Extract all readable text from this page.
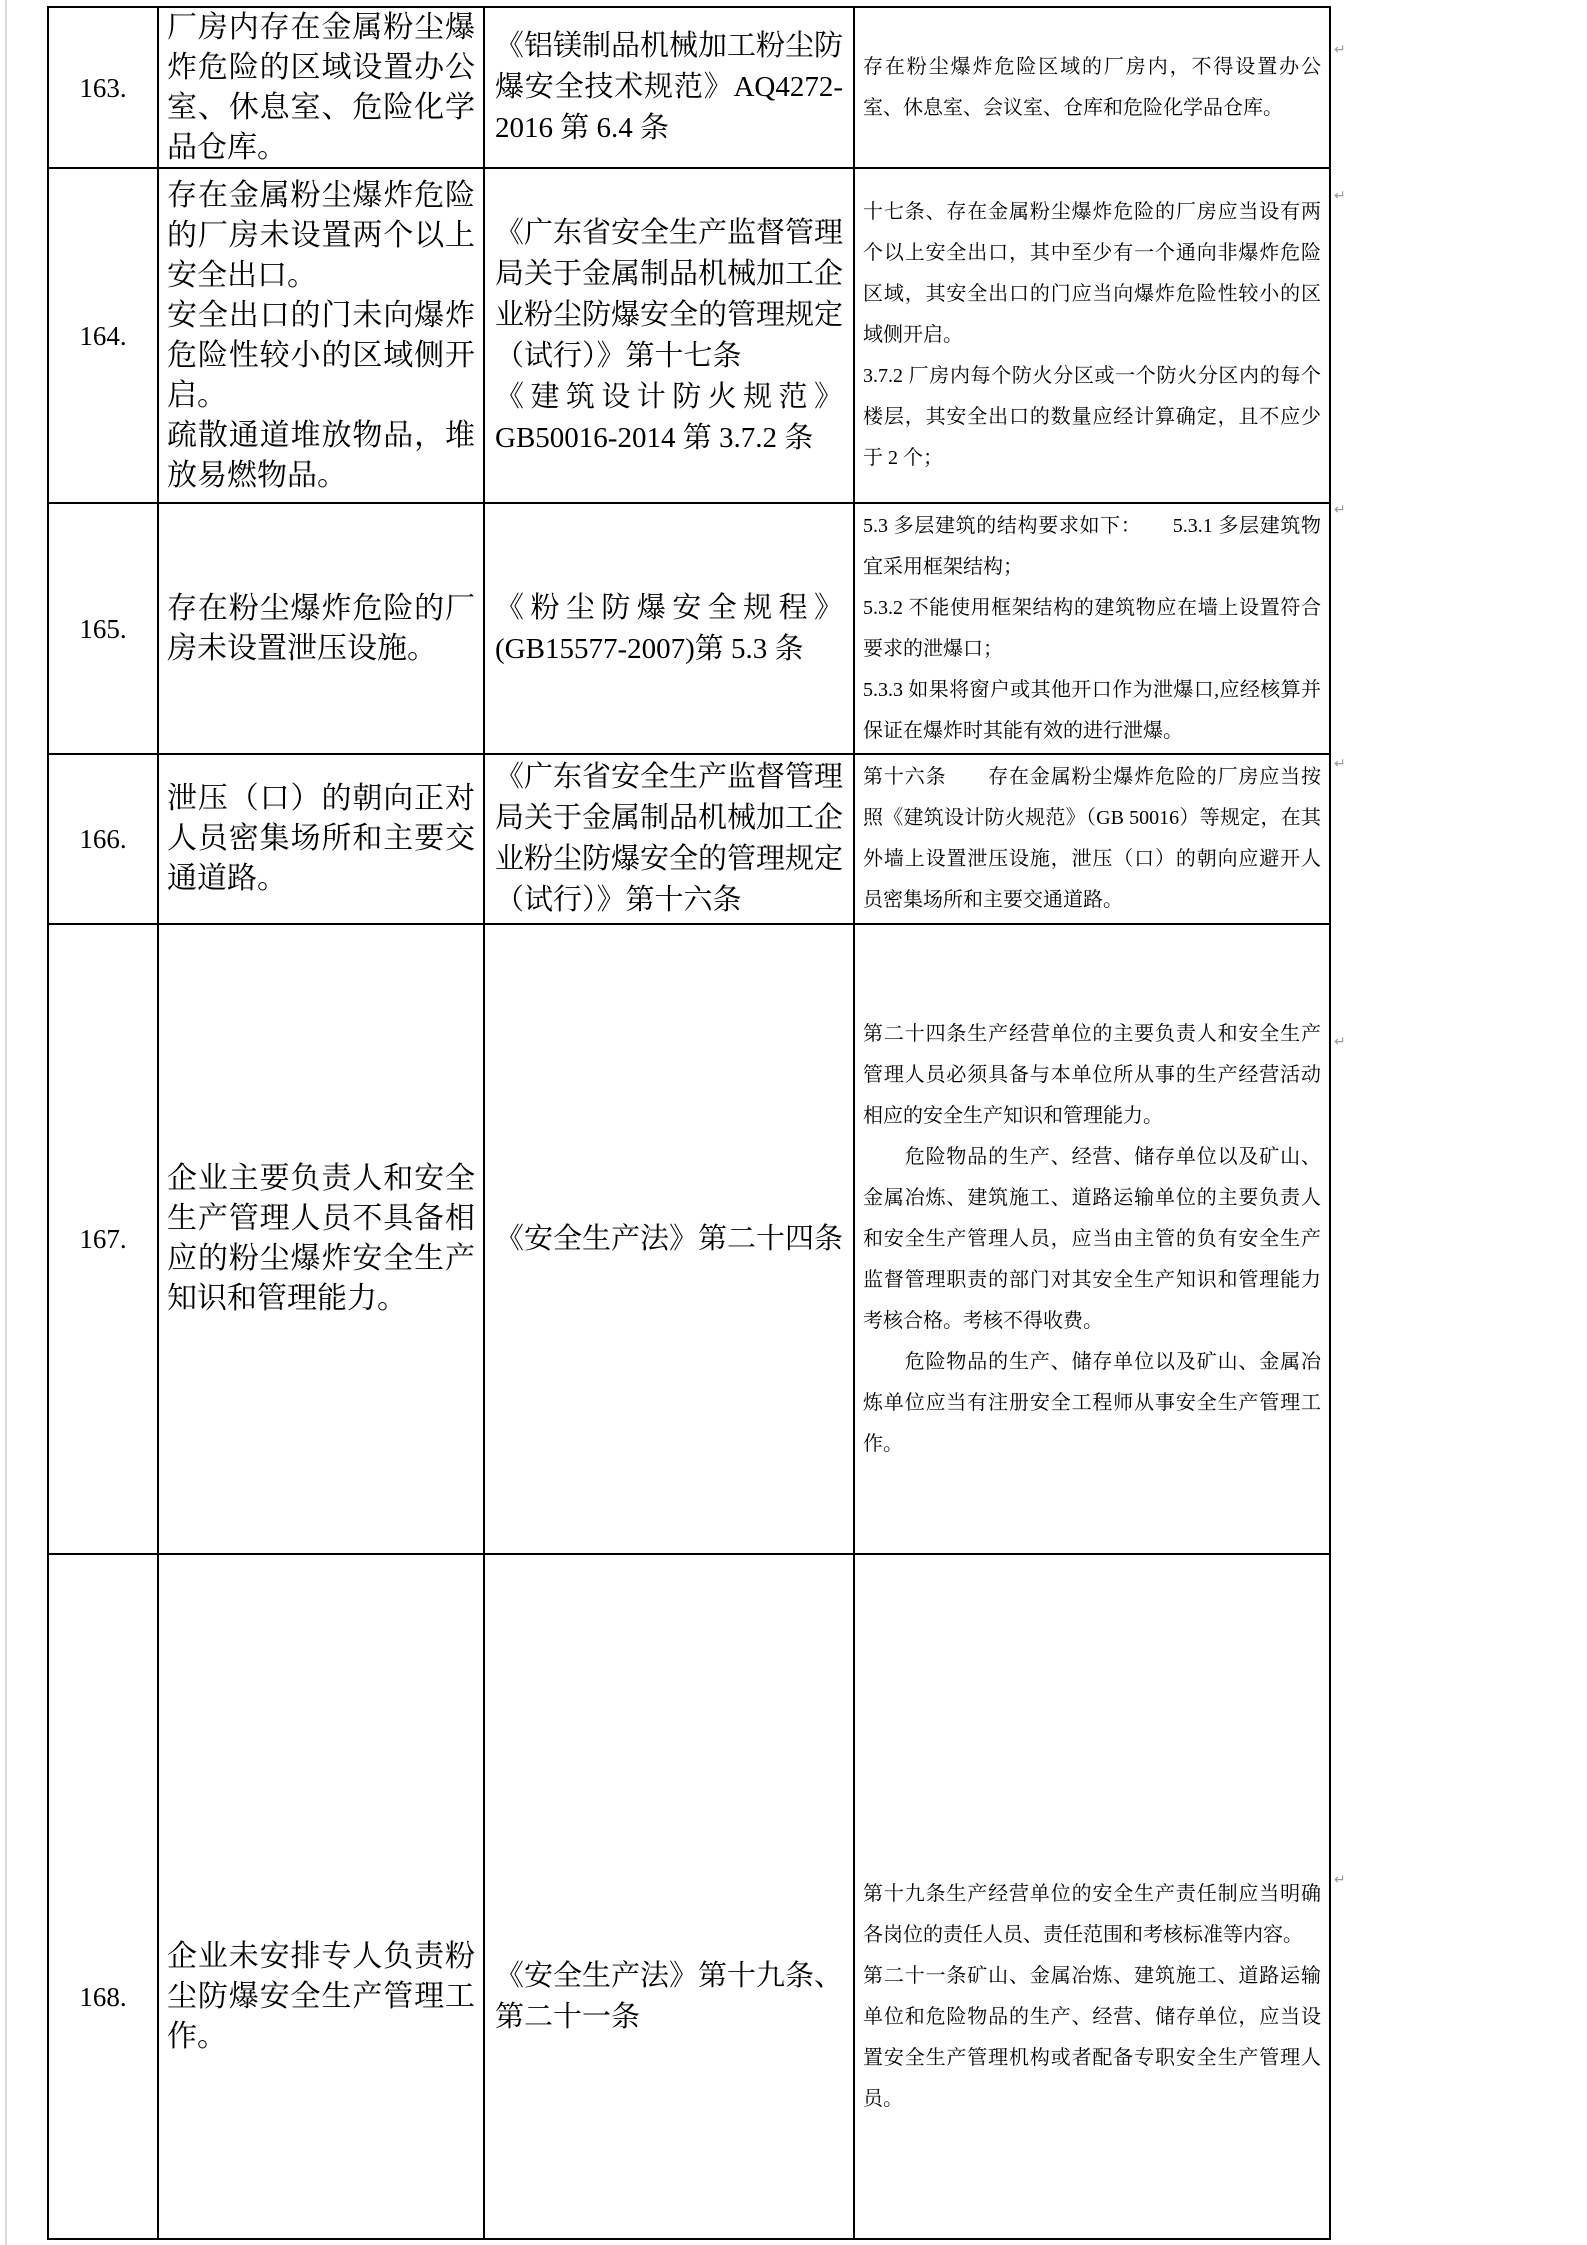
163.

厂房内存在金属粉尘爆炸危险的区域设置办公室、休息室、危险化学品仓库。

《铝镁制品机械加工粉尘防爆安全技术规范》AQ4272-2016 第 6.4 条

存在粉尘爆炸危险区域的厂房内，不得设置办公室、休息室、会议室、仓库和危险化学品仓库。

164.

存在金属粉尘爆炸危险的厂房未设置两个以上安全出口。

安全出口的门未向爆炸危险性较小的区域侧开启。

疏散通道堆放物品，堆放易燃物品。

《广东省安全生产监督管理局关于金属制品机械加工企业粉尘防爆安全的管理规定（试行）》第十七条

《建筑设计防火规范》GB50016-2014 第 3.7.2 条

十七条、存在金属粉尘爆炸危险的厂房应当设有两个以上安全出口，其中至少有一个通向非爆炸危险区域，其安全出口的门应当向爆炸危险性较小的区域侧开启。

3.7.2 厂房内每个防火分区或一个防火分区内的每个楼层，其安全出口的数量应经计算确定，且不应少于 2 个；

165.

存在粉尘爆炸危险的厂房未设置泄压设施。

《粉尘防爆安全规程》(GB15577-2007)第 5.3 条

5.3 多层建筑的结构要求如下：　　5.3.1 多层建筑物宜采用框架结构；

5.3.2 不能使用框架结构的建筑物应在墙上设置符合要求的泄爆口；

5.3.3 如果将窗户或其他开口作为泄爆口,应经核算并保证在爆炸时其能有效的进行泄爆。

166.

泄压（口）的朝向正对人员密集场所和主要交通道路。

《广东省安全生产监督管理局关于金属制品机械加工企业粉尘防爆安全的管理规定（试行）》第十六条

第十六条　　存在金属粉尘爆炸危险的厂房应当按照《建筑设计防火规范》（GB 50016）等规定，在其外墙上设置泄压设施，泄压（口）的朝向应避开人员密集场所和主要交通道路。

167.

企业主要负责人和安全生产管理人员不具备相应的粉尘爆炸安全生产知识和管理能力。

《安全生产法》第二十四条

第二十四条生产经营单位的主要负责人和安全生产管理人员必须具备与本单位所从事的生产经营活动相应的安全生产知识和管理能力。

　　危险物品的生产、经营、储存单位以及矿山、金属冶炼、建筑施工、道路运输单位的主要负责人和安全生产管理人员，应当由主管的负有安全生产监督管理职责的部门对其安全生产知识和管理能力考核合格。考核不得收费。

　　危险物品的生产、储存单位以及矿山、金属冶炼单位应当有注册安全工程师从事安全生产管理工作。

168.

企业未安排专人负责粉尘防爆安全生产管理工作。

《安全生产法》第十九条、第二十一条

第十九条生产经营单位的安全生产责任制应当明确各岗位的责任人员、责任范围和考核标准等内容。

第二十一条矿山、金属冶炼、建筑施工、道路运输单位和危险物品的生产、经营、储存单位，应当设置安全生产管理机构或者配备专职安全生产管理人员。

↵
↵
↵
↵
↵
↵
